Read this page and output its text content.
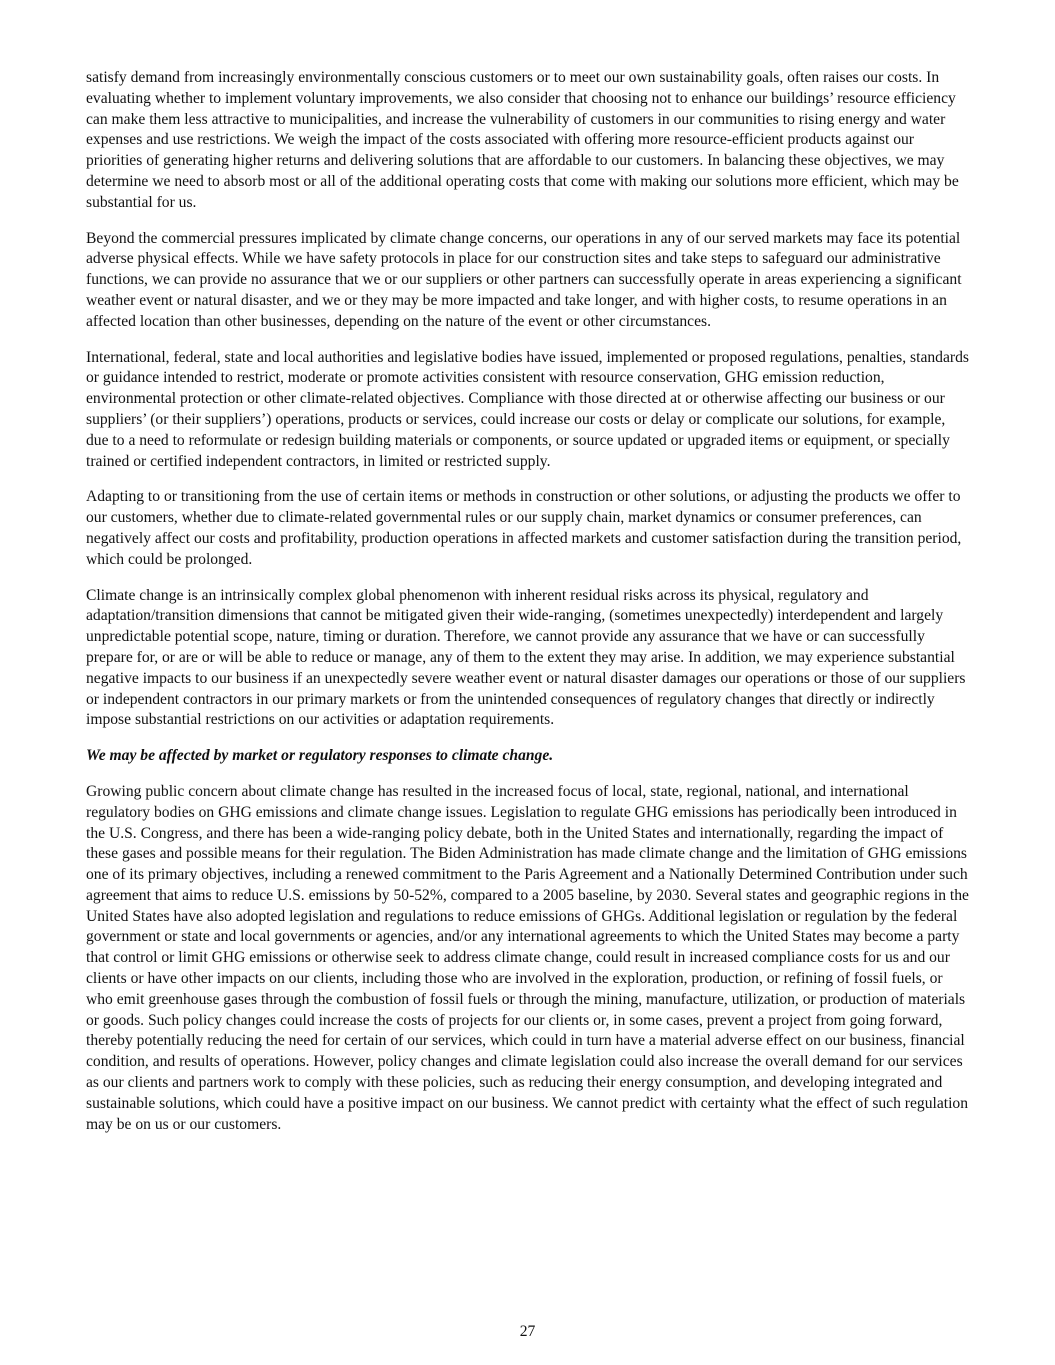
satisfy demand from increasingly environmentally conscious customers or to meet our own sustainability goals, often raises our costs. In evaluating whether to implement voluntary improvements, we also consider that choosing not to enhance our buildings’ resource efficiency can make them less attractive to municipalities, and increase the vulnerability of customers in our communities to rising energy and water expenses and use restrictions. We weigh the impact of the costs associated with offering more resource-efficient products against our priorities of generating higher returns and delivering solutions that are affordable to our customers. In balancing these objectives, we may determine we need to absorb most or all of the additional operating costs that come with making our solutions more efficient, which may be substantial for us.

Beyond the commercial pressures implicated by climate change concerns, our operations in any of our served markets may face its potential adverse physical effects. While we have safety protocols in place for our construction sites and take steps to safeguard our administrative functions, we can provide no assurance that we or our suppliers or other partners can successfully operate in areas experiencing a significant weather event or natural disaster, and we or they may be more impacted and take longer, and with higher costs, to resume operations in an affected location than other businesses, depending on the nature of the event or other circumstances.

International, federal, state and local authorities and legislative bodies have issued, implemented or proposed regulations, penalties, standards or guidance intended to restrict, moderate or promote activities consistent with resource conservation, GHG emission reduction, environmental protection or other climate-related objectives. Compliance with those directed at or otherwise affecting our business or our suppliers’ (or their suppliers’) operations, products or services, could increase our costs or delay or complicate our solutions, for example, due to a need to reformulate or redesign building materials or components, or source updated or upgraded items or equipment, or specially trained or certified independent contractors, in limited or restricted supply.

Adapting to or transitioning from the use of certain items or methods in construction or other solutions, or adjusting the products we offer to our customers, whether due to climate-related governmental rules or our supply chain, market dynamics or consumer preferences, can negatively affect our costs and profitability, production operations in affected markets and customer satisfaction during the transition period, which could be prolonged.

Climate change is an intrinsically complex global phenomenon with inherent residual risks across its physical, regulatory and adaptation/transition dimensions that cannot be mitigated given their wide-ranging, (sometimes unexpectedly) interdependent and largely unpredictable potential scope, nature, timing or duration. Therefore, we cannot provide any assurance that we have or can successfully prepare for, or are or will be able to reduce or manage, any of them to the extent they may arise. In addition, we may experience substantial negative impacts to our business if an unexpectedly severe weather event or natural disaster damages our operations or those of our suppliers or independent contractors in our primary markets or from the unintended consequences of regulatory changes that directly or indirectly impose substantial restrictions on our activities or adaptation requirements.

We may be affected by market or regulatory responses to climate change.

Growing public concern about climate change has resulted in the increased focus of local, state, regional, national, and international regulatory bodies on GHG emissions and climate change issues. Legislation to regulate GHG emissions has periodically been introduced in the U.S. Congress, and there has been a wide-ranging policy debate, both in the United States and internationally, regarding the impact of these gases and possible means for their regulation. The Biden Administration has made climate change and the limitation of GHG emissions one of its primary objectives, including a renewed commitment to the Paris Agreement and a Nationally Determined Contribution under such agreement that aims to reduce U.S. emissions by 50-52%, compared to a 2005 baseline, by 2030. Several states and geographic regions in the United States have also adopted legislation and regulations to reduce emissions of GHGs. Additional legislation or regulation by the federal government or state and local governments or agencies, and/or any international agreements to which the United States may become a party that control or limit GHG emissions or otherwise seek to address climate change, could result in increased compliance costs for us and our clients or have other impacts on our clients, including those who are involved in the exploration, production, or refining of fossil fuels, or who emit greenhouse gases through the combustion of fossil fuels or through the mining, manufacture, utilization, or production of materials or goods. Such policy changes could increase the costs of projects for our clients or, in some cases, prevent a project from going forward, thereby potentially reducing the need for certain of our services, which could in turn have a material adverse effect on our business, financial condition, and results of operations. However, policy changes and climate legislation could also increase the overall demand for our services as our clients and partners work to comply with these policies, such as reducing their energy consumption, and developing integrated and sustainable solutions, which could have a positive impact on our business. We cannot predict with certainty what the effect of such regulation may be on us or our customers.

27
